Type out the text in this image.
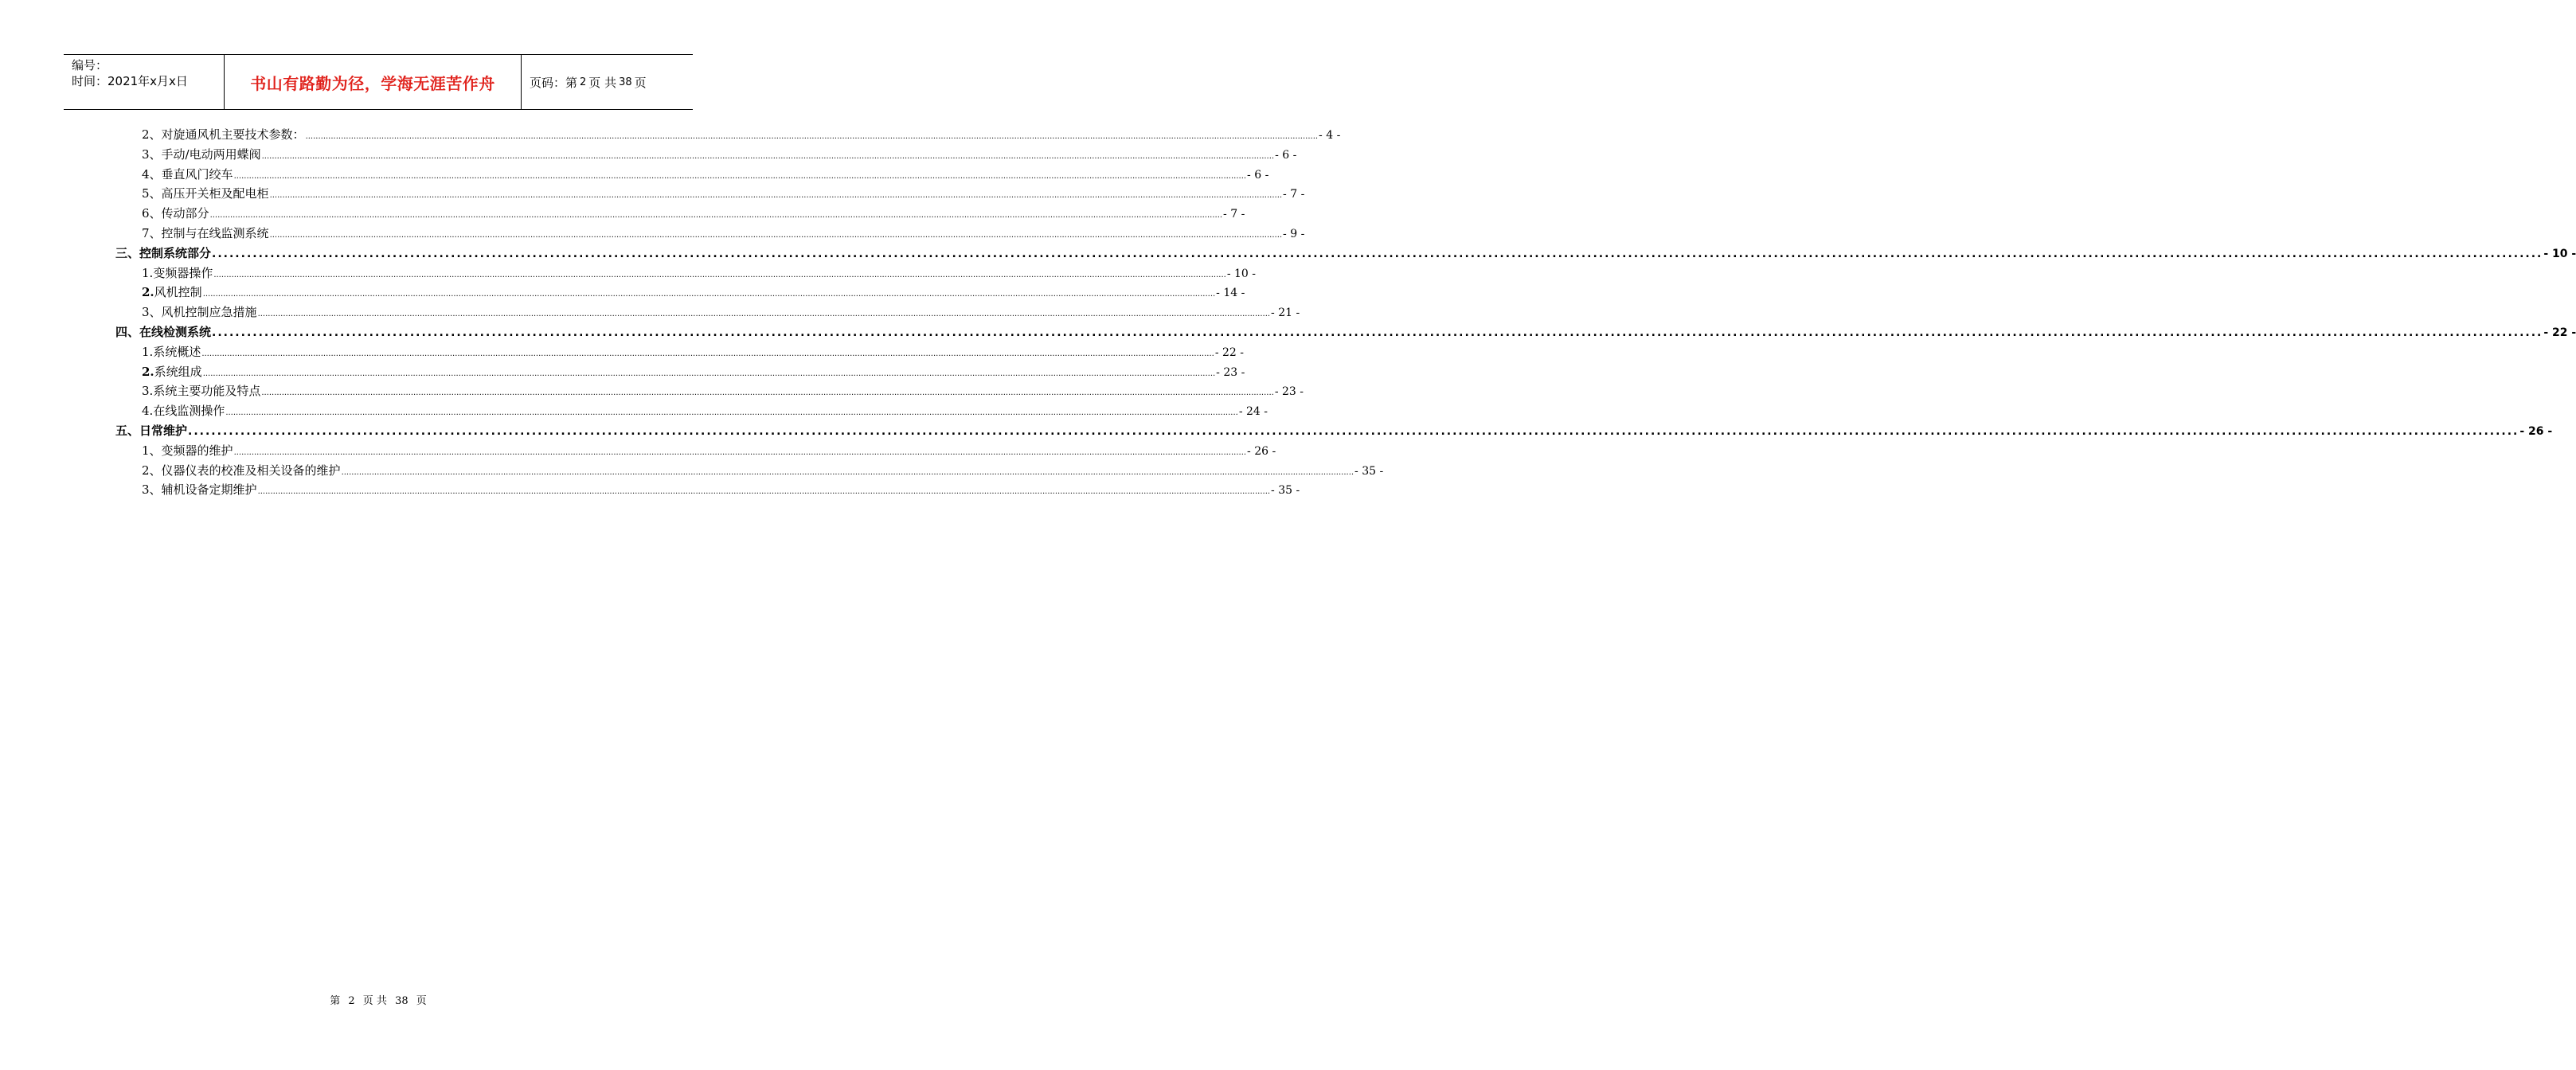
编号：
时间：2021年x月x日	书山有路勤为径，学海无涯苦作舟	页码：第 2 页 共 38 页
2、 对旋通风机主要技术参数： ................................................................................................................................................................................................................................................................................................................................................................................................................ - 4 -
3、 手动/电动两用蝶阀 ................................................................................................................................................................................................................................................................................................................................................................................................................ - 6 -
4、 垂直风门绞车 ................................................................................................................................................................................................................................................................................................................................................................................................................ - 6 -
5、 高压开关柜及配电柜 ................................................................................................................................................................................................................................................................................................................................................................................................................ - 7 -
6、 传动部分 ................................................................................................................................................................................................................................................................................................................................................................................................................ - 7 -
7、 控制与在线监测系统 ................................................................................................................................................................................................................................................................................................................................................................................................................ - 9 -
三、 控制系统部分 ................................................................................................................................................................................................................................................................................................................................................................................................................ - 10 -
1. 变频器操作 ................................................................................................................................................................................................................................................................................................................................................................................................................ - 10 -
2. 风机控制 ................................................................................................................................................................................................................................................................................................................................................................................................................ - 14 -
3、 风机控制应急措施 ................................................................................................................................................................................................................................................................................................................................................................................................................ - 21 -
四、 在线检测系统 ................................................................................................................................................................................................................................................................................................................................................................................................................ - 22 -
1. 系统概述 ................................................................................................................................................................................................................................................................................................................................................................................................................ - 22 -
2. 系统组成 ................................................................................................................................................................................................................................................................................................................................................................................................................ - 23 -
3. 系统主要功能及特点 ................................................................................................................................................................................................................................................................................................................................................................................................................ - 23 -
4. 在线监测操作 ................................................................................................................................................................................................................................................................................................................................................................................................................ - 24 -
五、 日常维护 ................................................................................................................................................................................................................................................................................................................................................................................................................ - 26 -
1、 变频器的维护 ................................................................................................................................................................................................................................................................................................................................................................................................................ - 26 -
2、 仪器仪表的校准及相关设备的维护 ................................................................................................................................................................................................................................................................................................................................................................................................................ - 35 -
3、 辅机设备定期维护 ................................................................................................................................................................................................................................................................................................................................................................................................................ - 35 -
第 2 页 共 38 页
